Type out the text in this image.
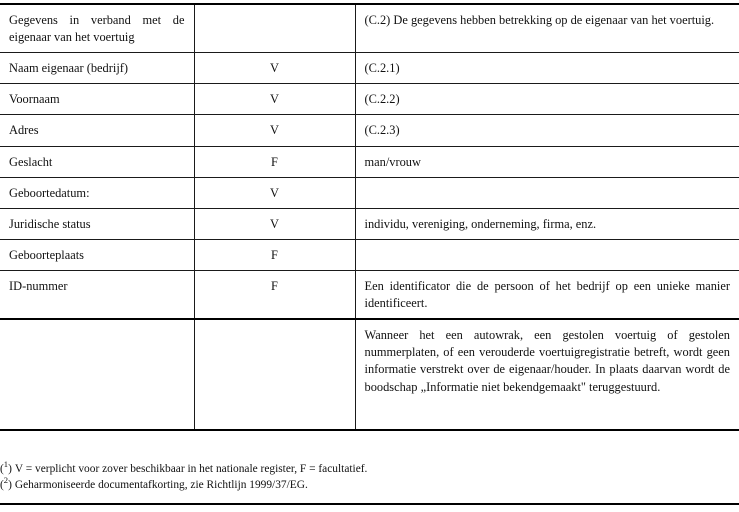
Gegevens in verband met de eigenaar van het voertuig		(C.2) De gegevens hebben betrekking op de eigenaar van het voertuig.
Naam eigenaar (bedrijf)	V	(C.2.1)
Voornaam	V	(C.2.2)
Adres	V	(C.2.3)
Geslacht	F	man/vrouw
Geboortedatum:	V	
Juridische status	V	individu, vereniging, onderneming, firma, enz.
Geboorteplaats	F	
ID-nummer	F	Een identificator die de persoon of het bedrijf op een unieke manier identificeert.
		Wanneer het een autowrak, een gestolen voertuig of gestolen nummerplaten, of een verouderde voertuigregistratie betreft, wordt geen informatie verstrekt over de eigenaar/houder. In plaats daarvan wordt de boodschap „Informatie niet bekendgemaakt" teruggestuurd.
($^1$) V = verplicht voor zover beschikbaar in het nationale register, F = facultatief.
($^2$) Geharmoniseerde documentafkorting, zie Richtlijn 1999/37/EG.
